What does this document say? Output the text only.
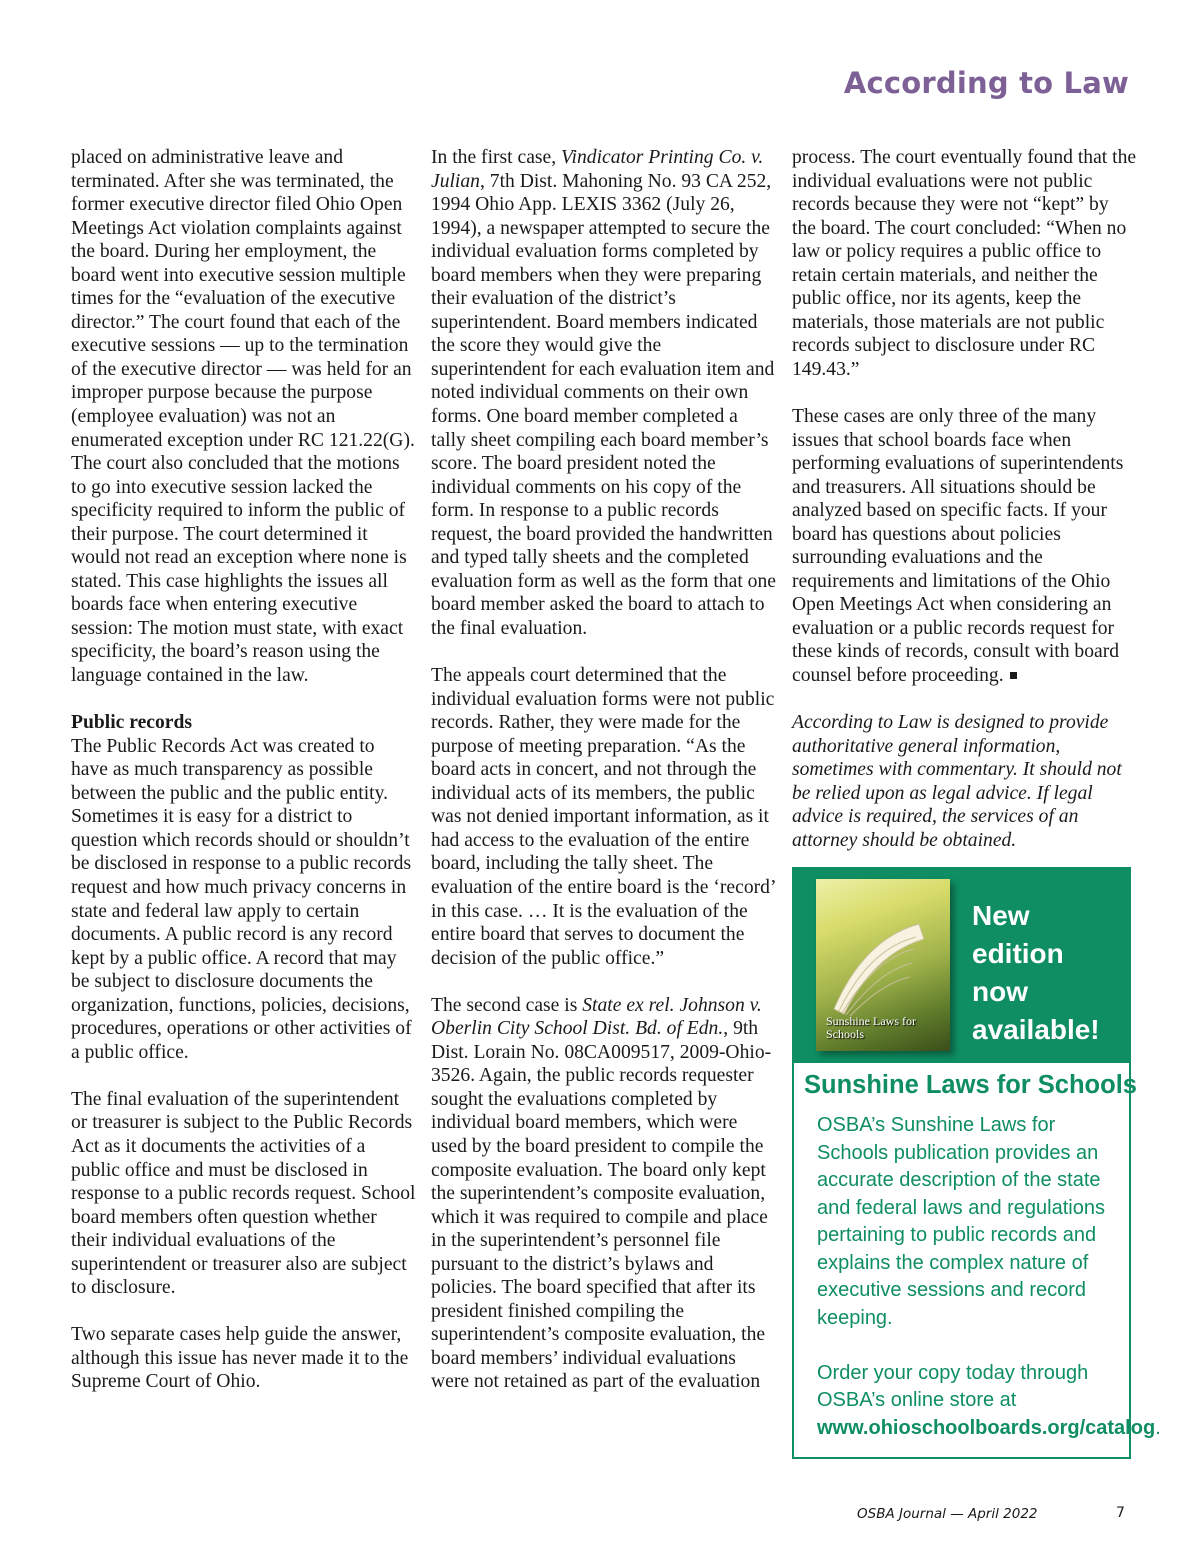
According to Law

placed on administrative leave and terminated. After she was terminated, the former executive director filed Ohio Open Meetings Act violation complaints against the board. During her employment, the board went into executive session multiple times for the “evaluation of the executive director.” The court found that each of the executive sessions — up to the termination of the executive director — was held for an improper purpose because the purpose (employee evaluation) was not an enumerated exception under RC 121.22(G). The court also concluded that the motions to go into executive session lacked the specificity required to inform the public of their purpose. The court determined it would not read an exception where none is stated. This case highlights the issues all boards face when entering executive session: The motion must state, with exact specificity, the board’s reason using the language contained in the law.

Public records
The Public Records Act was created to have as much transparency as possible between the public and the public entity. Sometimes it is easy for a district to question which records should or shouldn’t be disclosed in response to a public records request and how much privacy concerns in state and federal law apply to certain documents. A public record is any record kept by a public office. A record that may be subject to disclosure documents the organization, functions, policies, decisions, procedures, operations or other activities of a public office.

The final evaluation of the superintendent or treasurer is subject to the Public Records Act as it documents the activities of a public office and must be disclosed in response to a public records request. School board members often question whether their individual evaluations of the superintendent or treasurer also are subject to disclosure.

Two separate cases help guide the answer, although this issue has never made it to the Supreme Court of Ohio.

In the first case, Vindicator Printing Co. v. Julian, 7th Dist. Mahoning No. 93 CA 252, 1994 Ohio App. LEXIS 3362 (July 26, 1994), a newspaper attempted to secure the individual evaluation forms completed by board members when they were preparing their evaluation of the district’s superintendent. Board members indicated the score they would give the superintendent for each evaluation item and noted individual comments on their own forms. One board member completed a tally sheet compiling each board member’s score. The board president noted the individual comments on his copy of the form. In response to a public records request, the board provided the handwritten and typed tally sheets and the completed evaluation form as well as the form that one board member asked the board to attach to the final evaluation.

The appeals court determined that the individual evaluation forms were not public records. Rather, they were made for the purpose of meeting preparation. “As the board acts in concert, and not through the individual acts of its members, the public was not denied important information, as it had access to the evaluation of the entire board, including the tally sheet. The evaluation of the entire board is the ‘record’ in this case. … It is the evaluation of the entire board that serves to document the decision of the public office.”

The second case is State ex rel. Johnson v. Oberlin City School Dist. Bd. of Edn., 9th Dist. Lorain No. 08CA009517, 2009-Ohio-3526. Again, the public records requester sought the evaluations completed by individual board members, which were used by the board president to compile the composite evaluation. The board only kept the superintendent’s composite evaluation, which it was required to compile and place in the superintendent’s personnel file pursuant to the district’s bylaws and policies. The board specified that after its president finished compiling the superintendent’s composite evaluation, the board members’ individual evaluations were not retained as part of the evaluation

process. The court eventually found that the individual evaluations were not public records because they were not “kept” by the board. The court concluded: “When no law or policy requires a public office to retain certain materials, and neither the public office, nor its agents, keep the materials, those materials are not public records subject to disclosure under RC 149.43.”

These cases are only three of the many issues that school boards face when performing evaluations of superintendents and treasurers. All situations should be analyzed based on specific facts. If your board has questions about policies surrounding evaluations and the requirements and limitations of the Ohio Open Meetings Act when considering an evaluation or a public records request for these kinds of records, consult with board counsel before proceeding.

According to Law is designed to provide authoritative general information, sometimes with commentary. It should not be relied upon as legal advice. If legal advice is required, the services of an attorney should be obtained.

Sunshine Laws for Schools
New edition now available!
Sunshine Laws for Schools

OSBA’s Sunshine Laws for Schools publication provides an accurate description of the state and federal laws and regulations pertaining to public records and explains the complex nature of executive sessions and record keeping.

Order your copy today through OSBA’s online store at www.ohioschoolboards.org/catalog.

OSBA Journal — April 2022	7
